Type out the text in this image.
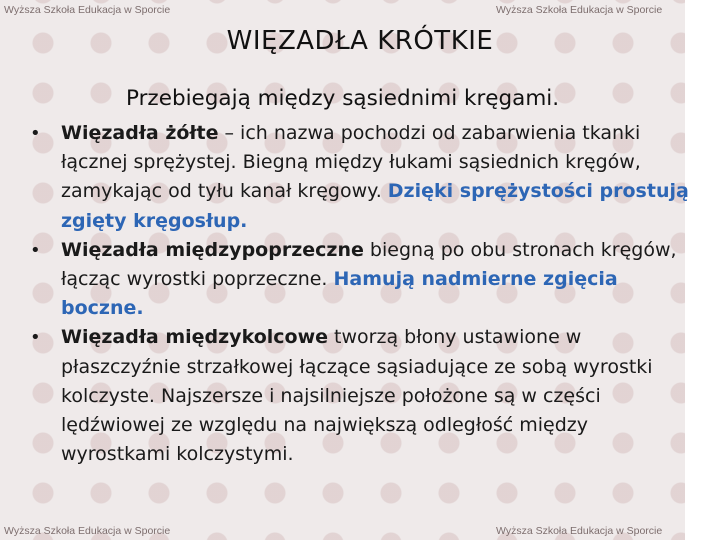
Wyższa Szkoła Edukacja w Sporcie	Wyższa Szkoła Edukacja w Sporcie
Wyższa Szkoła Edukacja w Sporcie	Wyższa Szkoła Edukacja w Sporcie
WIĘZADŁA KRÓTKIE
Przebiegają między sąsiednimi kręgami.
• Więzadła żółte – ich nazwa pochodzi od zabarwienia tkanki łącznej sprężystej. Biegną między łukami sąsiednich kręgów, zamykając od tyłu kanał kręgowy. Dzięki sprężystości prostują zgięty kręgosłup.
• Więzadła międzypoprzeczne biegną po obu stronach kręgów, łącząc wyrostki poprzeczne. Hamują nadmierne zgięcia boczne.
• Więzadła międzykolcowe tworzą błony ustawione w płaszczyźnie strzałkowej łączące sąsiadujące ze sobą wyrostki kolczyste. Najszersze i najsilniejsze położone są w części lędźwiowej ze względu na największą odległość między wyrostkami kolczystymi.
